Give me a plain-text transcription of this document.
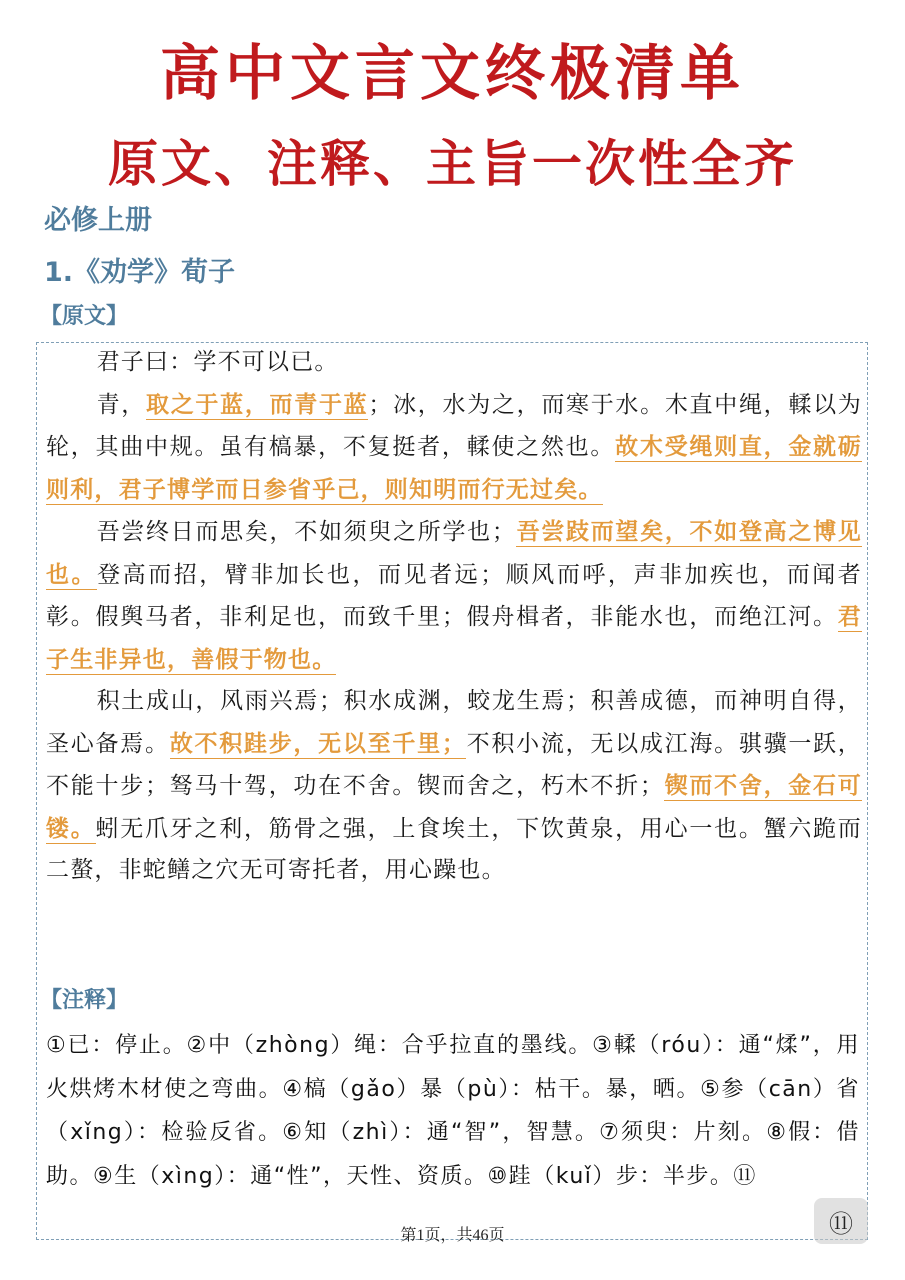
高中文言文终极清单
原文、注释、主旨一次性全齐
必修上册
1.《劝学》荀子
【原文】

君子曰：学不可以已。

青，取之于蓝，而青于蓝；冰，水为之，而寒于水。木直中绳，輮以为轮，其曲中规。虽有槁暴，不复挺者，輮使之然也。故木受绳则直，金就砺则利，君子博学而日参省乎己，则知明而行无过矣。

吾尝终日而思矣，不如须臾之所学也；吾尝跂而望矣，不如登高之博见也。登高而招，臂非加长也，而见者远；顺风而呼，声非加疾也，而闻者彰。假舆马者，非利足也，而致千里；假舟楫者，非能水也，而绝江河。君子生非异也，善假于物也。

积土成山，风雨兴焉；积水成渊，蛟龙生焉；积善成德，而神明自得，圣心备焉。故不积跬步，无以至千里；不积小流，无以成江海。骐骥一跃，不能十步；驽马十驾，功在不舍。锲而舍之，朽木不折；锲而不舍，金石可镂。蚓无爪牙之利，筋骨之强，上食埃土，下饮黄泉，用心一也。蟹六跪而二螯，非蛇鳝之穴无可寄托者，用心躁也。

【注释】
①已：停止。②中（zhòng）绳：合乎拉直的墨线。③輮（róu）：通“煣”，用火烘烤木材使之弯曲。④槁（gǎo）暴（pù）：枯干。暴，晒。⑤参（cān）省（xǐng）：检验反省。⑥知（zhì）：通“智”，智慧。⑦须臾：片刻。⑧假：借助。⑨生（xìng）：通“性”，天性、资质。⑩跬（kuǐ）步：半步。⑪
第1页，共46页	⑪
